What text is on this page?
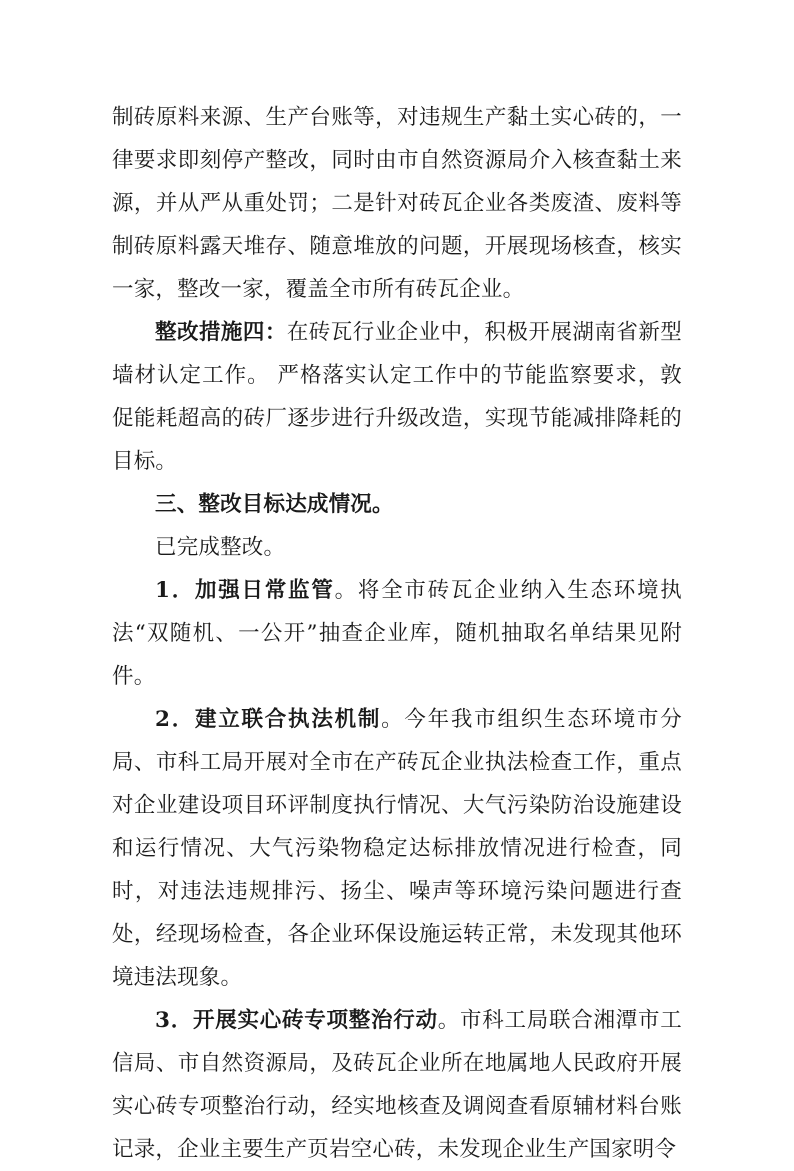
制砖原料来源、生产台账等，对违规生产黏土实心砖的，一律要求即刻停产整改，同时由市自然资源局介入核查黏土来源，并从严从重处罚；二是针对砖瓦企业各类废渣、废料等制砖原料露天堆存、随意堆放的问题，开展现场核查，核实一家，整改一家，覆盖全市所有砖瓦企业。

整改措施四：在砖瓦行业企业中，积极开展湖南省新型墙材认定工作。 严格落实认定工作中的节能监察要求，敦促能耗超高的砖厂逐步进行升级改造，实现节能减排降耗的目标。

三、整改目标达成情况。

已完成整改。

1．加强日常监管。将全市砖瓦企业纳入生态环境执法“双随机、一公开”抽查企业库，随机抽取名单结果见附件。

2．建立联合执法机制。今年我市组织生态环境市分局、市科工局开展对全市在产砖瓦企业执法检查工作，重点对企业建设项目环评制度执行情况、大气污染防治设施建设和运行情况、大气污染物稳定达标排放情况进行检查，同时，对违法违规排污、扬尘、噪声等环境污染问题进行查处，经现场检查，各企业环保设施运转正常，未发现其他环境违法现象。

3．开展实心砖专项整治行动。市科工局联合湘潭市工信局、市自然资源局，及砖瓦企业所在地属地人民政府开展实心砖专项整治行动，经实地核查及调阅查看原辅材料台账记录，企业主要生产页岩空心砖，未发现企业生产国家明令
